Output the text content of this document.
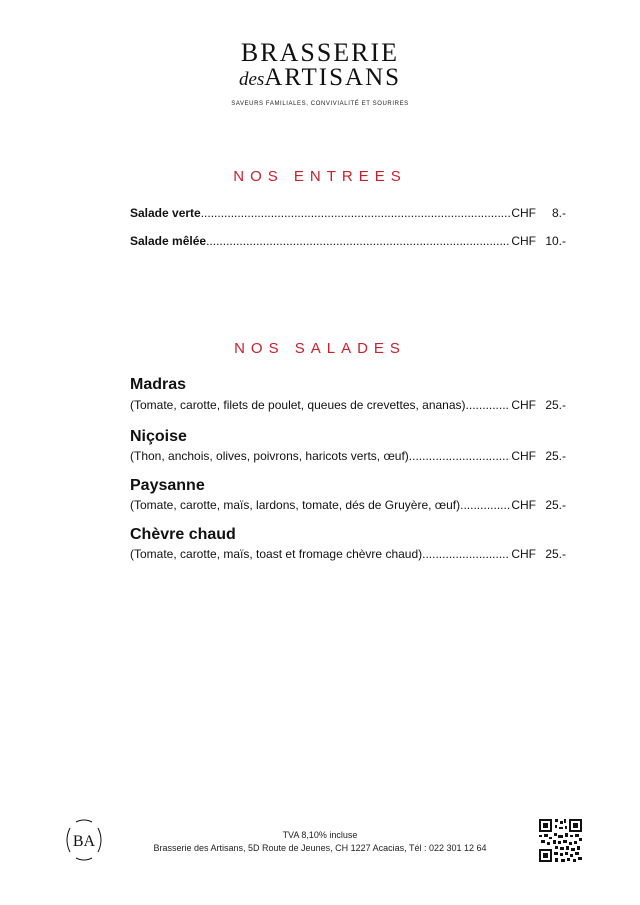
BRASSERIE
desARTISANS
SAVEURS FAMILIALES, CONVIVIALITÉ ET SOURIRES
NOS ENTREES
Salade verte .....	CHF	8.-
Salade mêlée .....	CHF 10.-
NOS SALADES
Madras
(Tomate, carotte, filets de poulet, queues de crevettes, ananas) .....	CHF 25.-
Niçoise
(Thon, anchois, olives, poivrons, haricots verts, œuf) .....	CHF 25.-
Paysanne
(Tomate, carotte, maïs, lardons, tomate, dés de Gruyère, œuf) .....	CHF 25.-
Chèvre chaud
(Tomate, carotte, maïs, toast et fromage chèvre chaud) .....	CHF 25.-
BA	TVA 8,10% incluse
Brasserie des Artisans, 5D Route de Jeunes, CH 1227 Acacias, Tél : 022 301 12 64
